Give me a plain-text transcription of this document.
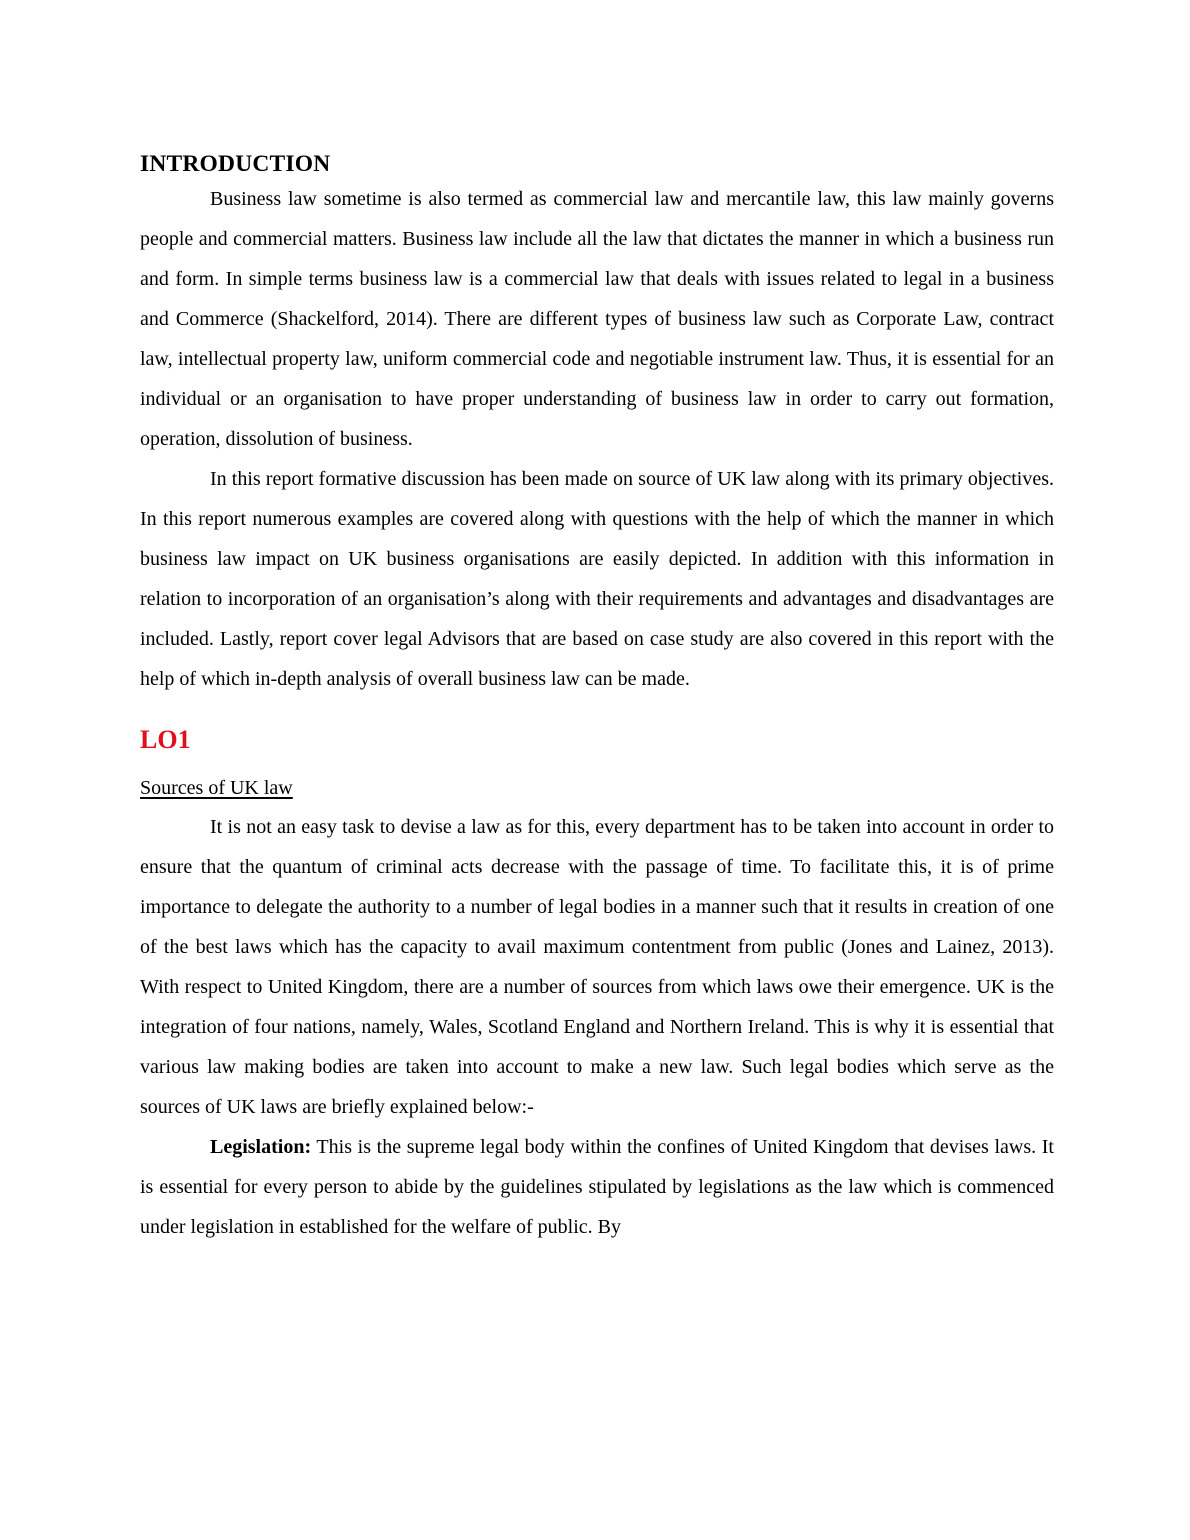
INTRODUCTION

Business law sometime is also termed as commercial law and mercantile law, this law mainly governs people and commercial matters. Business law include all the law that dictates the manner in which a business run and form. In simple terms business law is a commercial law that deals with issues related to legal in a business and Commerce (Shackelford, 2014). There are different types of business law such as Corporate Law, contract law, intellectual property law, uniform commercial code and negotiable instrument law. Thus, it is essential for an individual or an organisation to have proper understanding of business law in order to carry out formation, operation, dissolution of business.

In this report formative discussion has been made on source of UK law along with its primary objectives. In this report numerous examples are covered along with questions with the help of which the manner in which business law impact on UK business organisations are easily depicted. In addition with this information in relation to incorporation of an organisation’s along with their requirements and advantages and disadvantages are included. Lastly, report cover legal Advisors that are based on case study are also covered in this report with the help of which in-depth analysis of overall business law can be made.

LO1
Sources of UK law

It is not an easy task to devise a law as for this, every department has to be taken into account in order to ensure that the quantum of criminal acts decrease with the passage of time. To facilitate this, it is of prime importance to delegate the authority to a number of legal bodies in a manner such that it results in creation of one of the best laws which has the capacity to avail maximum contentment from public (Jones and Lainez, 2013). With respect to United Kingdom, there are a number of sources from which laws owe their emergence. UK is the integration of four nations, namely, Wales, Scotland England and Northern Ireland. This is why it is essential that various law making bodies are taken into account to make a new law. Such legal bodies which serve as the sources of UK laws are briefly explained below:-

Legislation: This is the supreme legal body within the confines of United Kingdom that devises laws. It is essential for every person to abide by the guidelines stipulated by legislations as the law which is commenced under legislation in established for the welfare of public. By
